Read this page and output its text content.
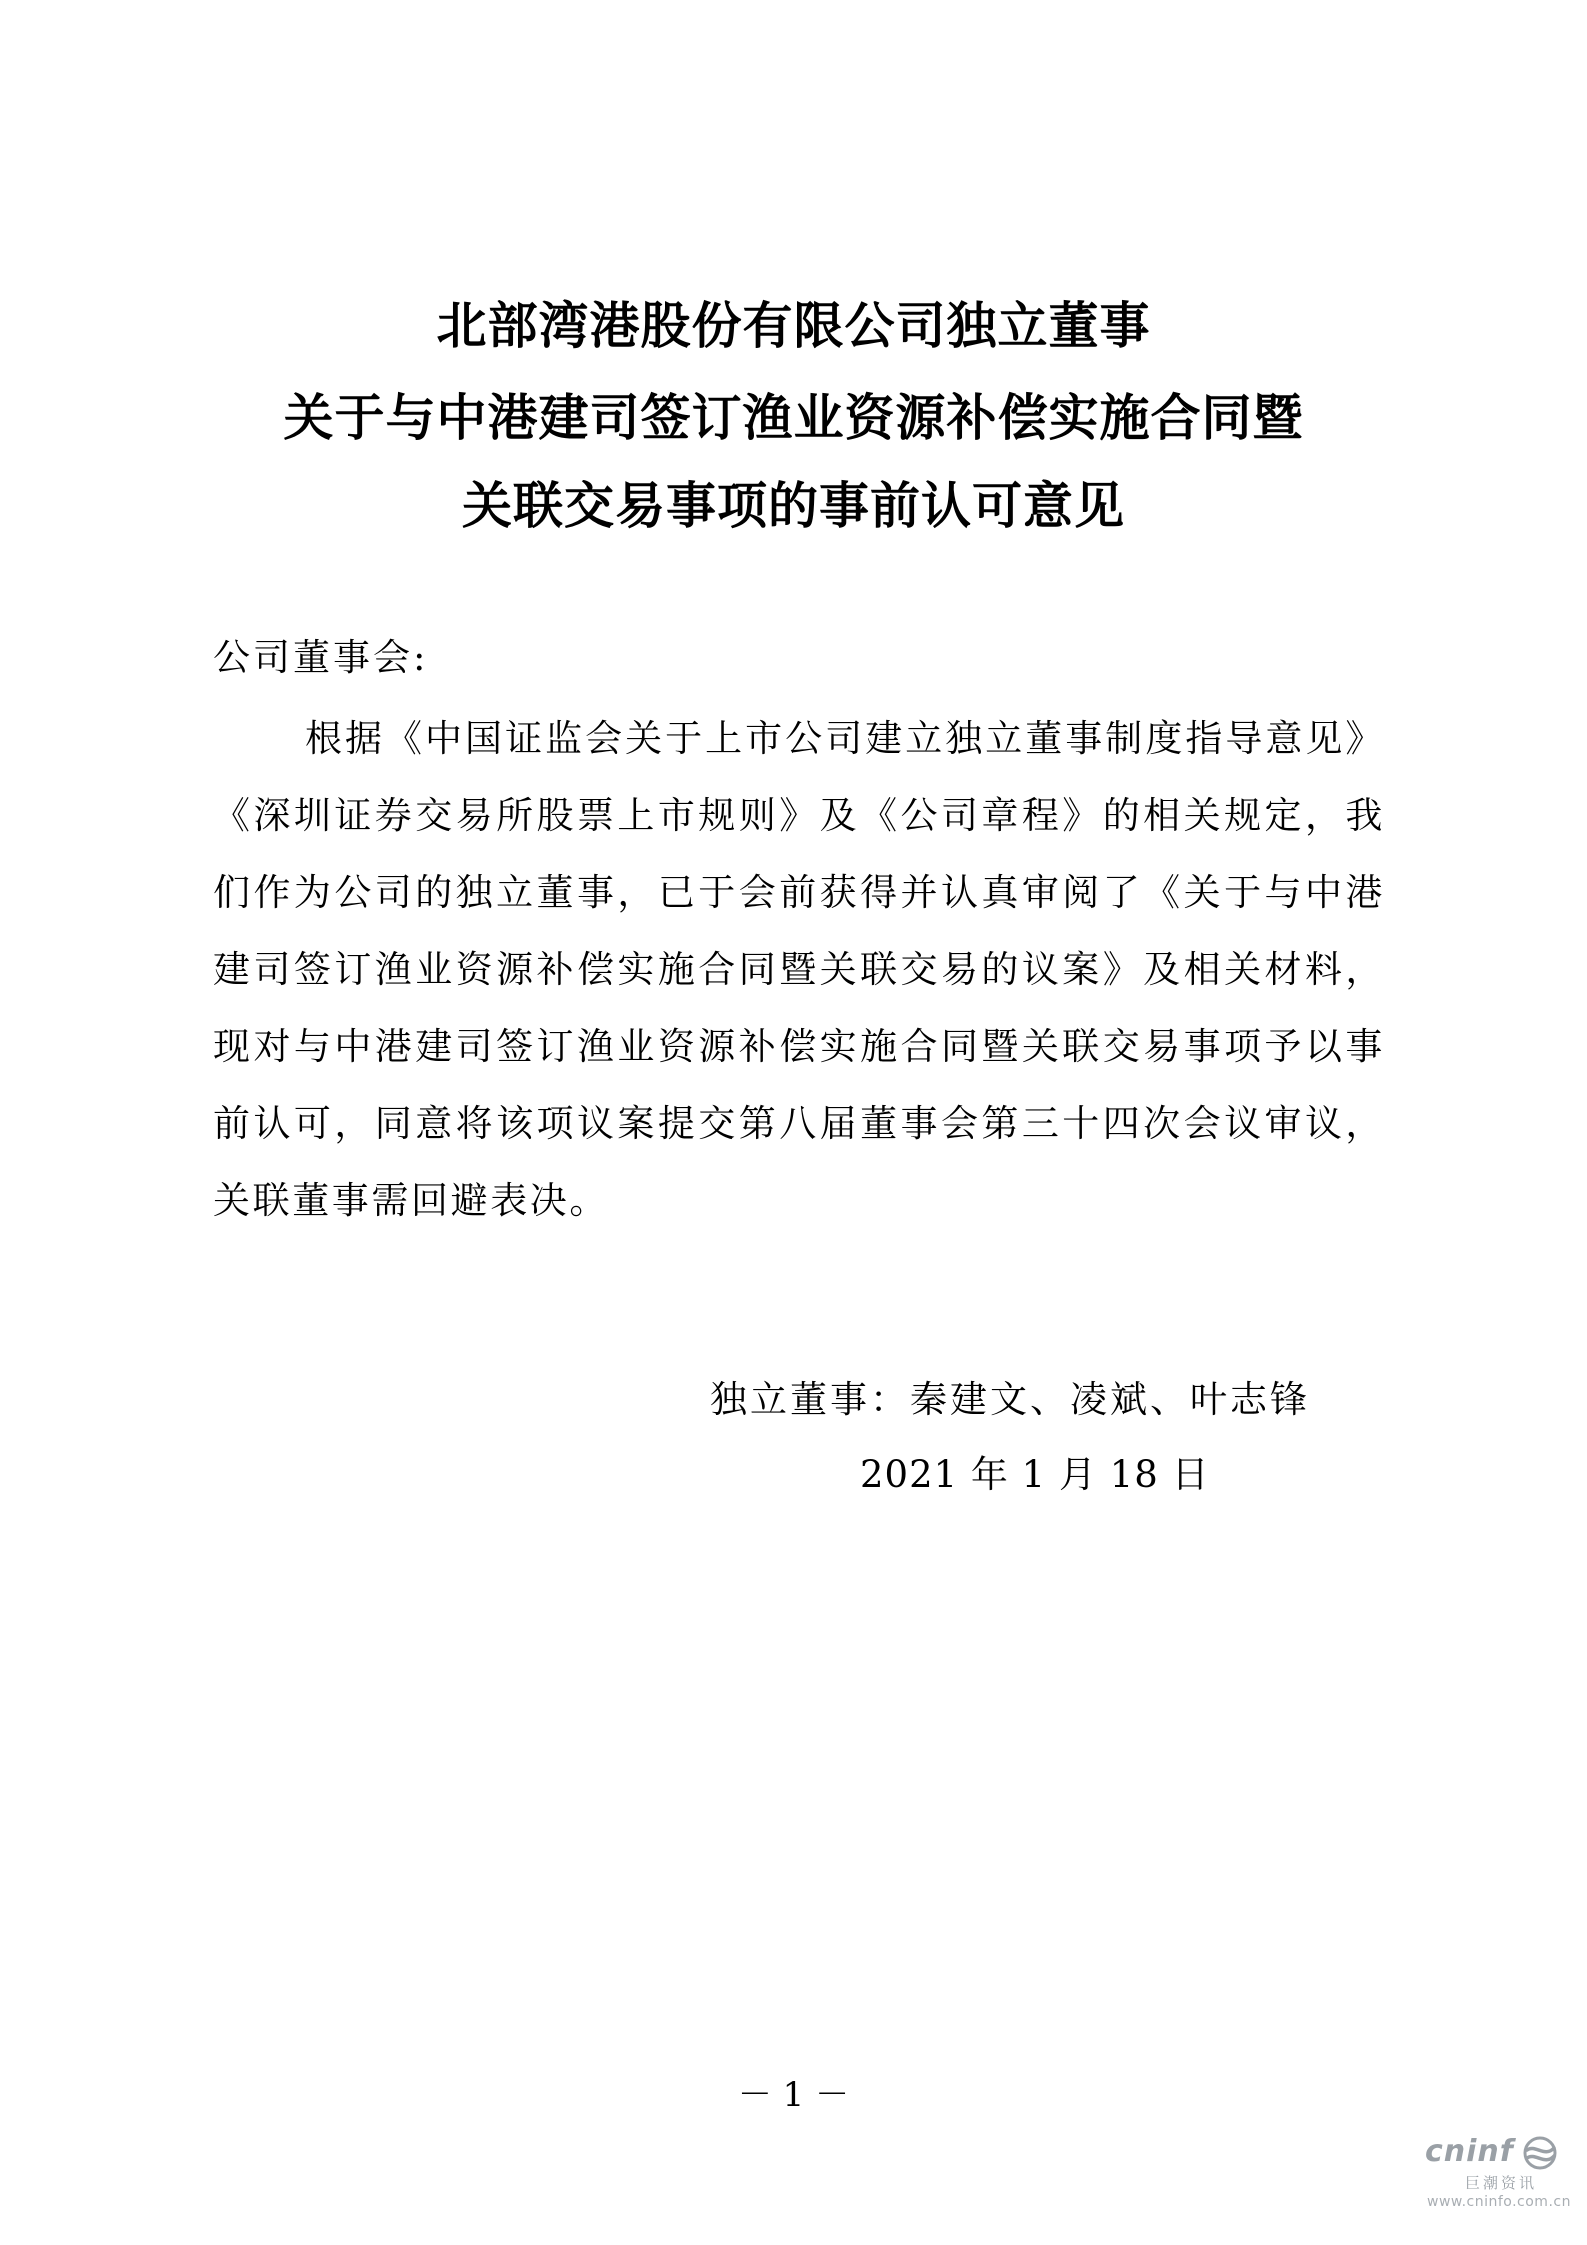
北部湾港股份有限公司独立董事
关于与中港建司签订渔业资源补偿实施合同暨
关联交易事项的事前认可意见
公司董事会:

根据《中国证监会关于上市公司建立独立董事制度指导意见》《深圳证券交易所股票上市规则》及《公司章程》的相关规定，我们作为公司的独立董事，已于会前获得并认真审阅了《关于与中港建司签订渔业资源补偿实施合同暨关联交易的议案》及相关材料，现对与中港建司签订渔业资源补偿实施合同暨关联交易事项予以事前认可，同意将该项议案提交第八届董事会第三十四次会议审议，关联董事需回避表决。

独立董事：秦建文、凌斌、叶志锋
2021 年 1 月 18 日
－ 1 －
cninf
巨潮资讯
www.cninfo.com.cn
